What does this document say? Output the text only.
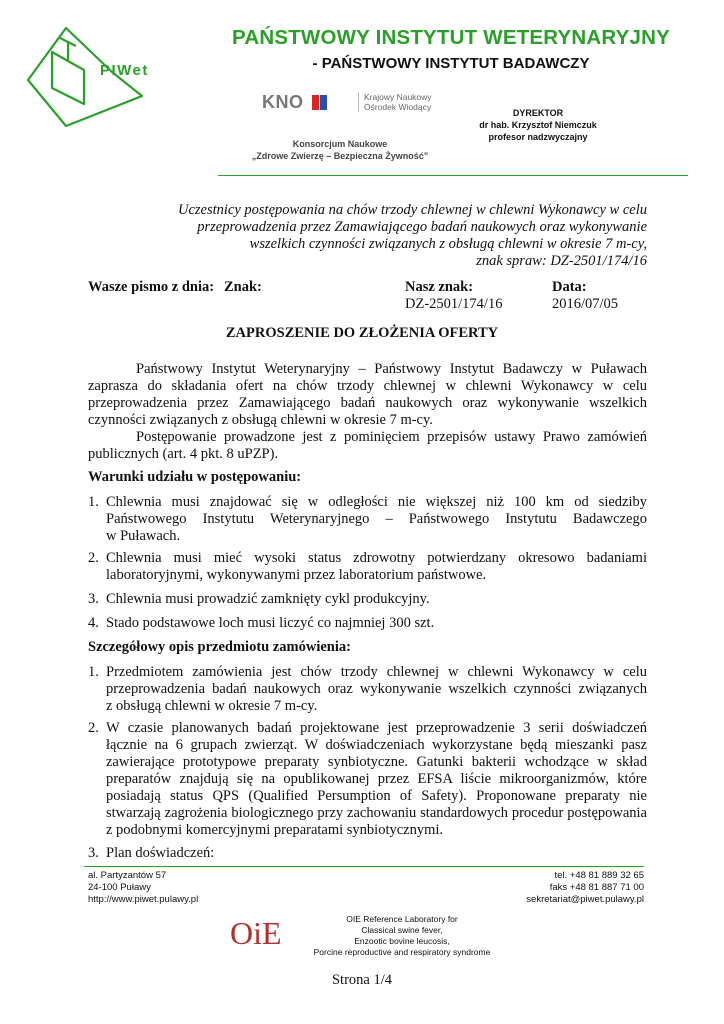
PIWet
PAŃSTWOWY INSTYTUT WETERYNARYJNY
- PAŃSTWOWY INSTYTUT BADAWCZY
KNO	Krajowy Naukowy
Ośrodek Wiodący
Konsorcjum Naukowe
„Zdrowe Zwierzę – Bezpieczna Żywność”
DYREKTOR
dr hab. Krzysztof Niemczuk
profesor nadzwyczajny
Uczestnicy postępowania na chów trzody chlewnej w chlewni Wykonawcy w celu
przeprowadzenia przez Zamawiającego badań naukowych oraz wykonywanie
wszelkich czynności związanych z obsługą chlewni w okresie 7 m-cy,
znak spraw: DZ-2501/174/16
Wasze pismo z dnia: Znak:	Nasz znak:
DZ-2501/174/16
Data:
2016/07/05
ZAPROSZENIE DO ZŁOŻENIA OFERTY
Państwowy Instytut Weterynaryjny – Państwowy Instytut Badawczy w Puławach
zaprasza do składania ofert na chów trzody chlewnej w chlewni Wykonawcy w celu
przeprowadzenia przez Zamawiającego badań naukowych oraz wykonywanie wszelkich
czynności związanych z obsługą chlewni w okresie 7 m-cy.
Postępowanie prowadzone jest z pominięciem przepisów ustawy Prawo zamówień
publicznych (art. 4 pkt. 8 uPZP).
Warunki udziału w postępowaniu:
1. Chlewnia musi znajdować się w odległości nie większej niż 100 km od siedziby
Państwowego Instytutu Weterynaryjnego – Państwowego Instytutu Badawczego
w Puławach.
2. Chlewnia musi mieć wysoki status zdrowotny potwierdzany okresowo badaniami
laboratoryjnymi, wykonywanymi przez laboratorium państwowe.
3. Chlewnia musi prowadzić zamknięty cykl produkcyjny.
4. Stado podstawowe loch musi liczyć co najmniej 300 szt.
Szczegółowy opis przedmiotu zamówienia:
1. Przedmiotem zamówienia jest chów trzody chlewnej w chlewni Wykonawcy w celu
przeprowadzenia badań naukowych oraz wykonywanie wszelkich czynności związanych
z obsługą chlewni w okresie 7 m-cy.
2. W czasie planowanych badań projektowane jest przeprowadzenie 3 serii doświadczeń
łącznie na 6 grupach zwierząt. W doświadczeniach wykorzystane będą mieszanki pasz
zawierające prototypowe preparaty synbiotyczne. Gatunki bakterii wchodzące w skład
preparatów znajdują się na opublikowanej przez EFSA liście mikroorganizmów, które
posiadają status QPS (Qualified Persumption of Safety). Proponowane preparaty nie
stwarzają zagrożenia biologicznego przy zachowaniu standardowych procedur postępowania
z podobnymi komercyjnymi preparatami synbiotycznymi.
3. Plan doświadczeń:
al. Partyzantów 57
24-100 Puławy
http://www.piwet.pulawy.pl
tel. +48 81 889 32 65
faks +48 81 887 71 00
sekretariat@piwet.pulawy.pl
OiE	OIE Reference Laboratory for
Classical swine fever,
Enzootic bovine leucosis,
Porcine reproductive and respiratory syndrome
Strona 1/4
